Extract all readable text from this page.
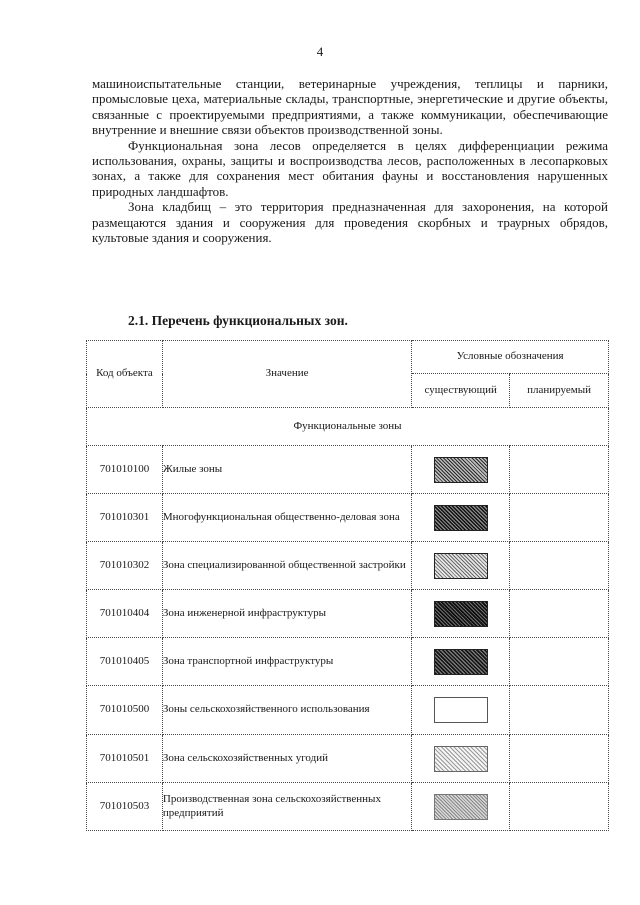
4

машиноиспытательные станции, ветеринарные учреждения, теплицы и парники, промысловые цеха, материальные склады, транспортные, энергетические и другие объекты, связанные с проектируемыми предприятиями, а также коммуникации, обеспечивающие внутренние и внешние связи объектов производственной зоны.

Функциональная зона лесов определяется в целях дифференциации режима использования, охраны, защиты и воспроизводства лесов, расположенных в лесопарковых зонах, а также для сохранения мест обитания фауны и восстановления нарушенных природных ландшафтов.

Зона кладбищ – это территория предназначенная для захоронения, на которой размещаются здания и сооружения для проведения скорбных и траурных обрядов, культовые здания и сооружения.

2.1. Перечень функциональных зон.
Код объекта	Значение	Условные обозначения	
		существующий	планируемый
Функциональные зоны			
701010100	Жилые зоны		
701010301	Многофункциональная общественно-деловая зона		
701010302	Зона специализированной общественной застройки		
701010404	Зона инженерной инфраструктуры		
701010405	Зона транспортной инфраструктуры		
701010500	Зоны сельскохозяйственного использования		
701010501	Зона сельскохозяйственных угодий		
701010503	Производственная зона сельскохозяйственных предприятий		
